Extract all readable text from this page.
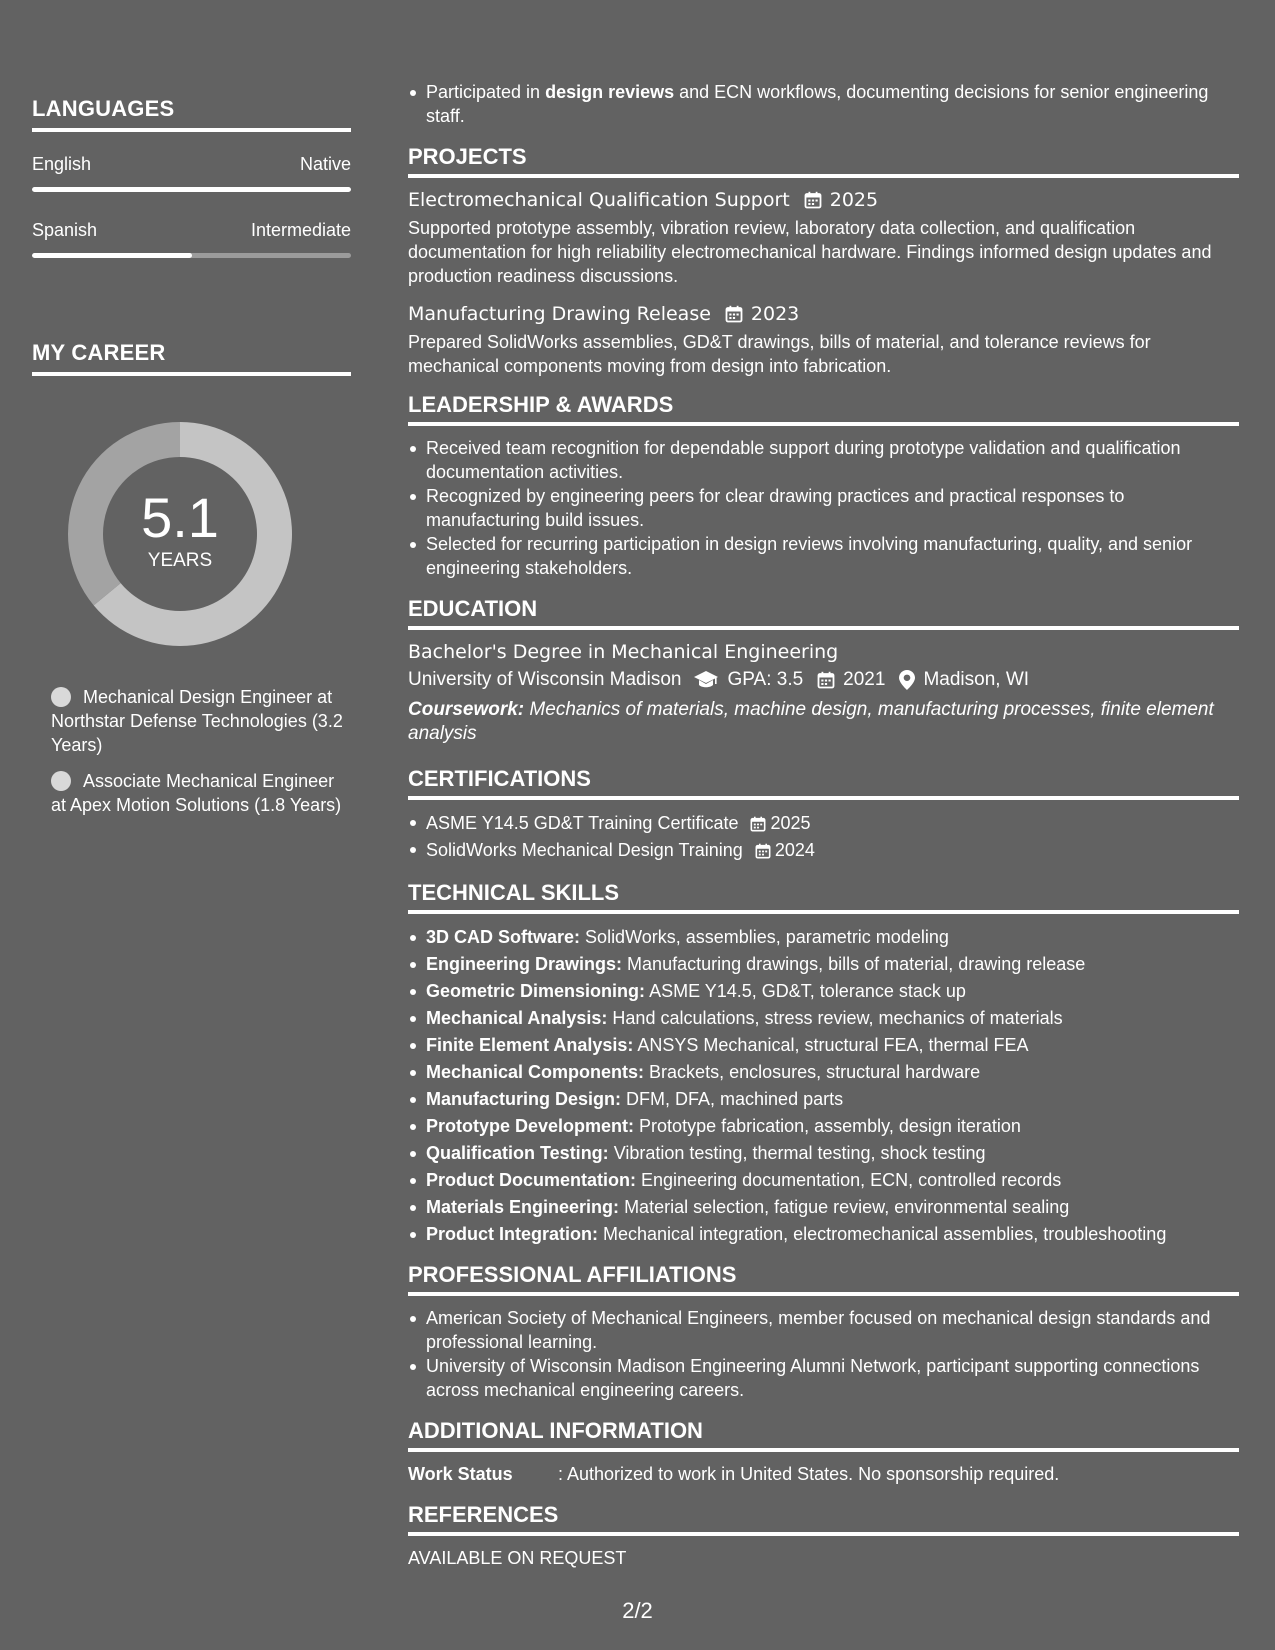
LANGUAGES
English	Native
Spanish	Intermediate
MY CAREER
5.1
YEARS
Mechanical Design Engineer at Northstar Defense Technologies (3.2 Years)
Associate Mechanical Engineer at Apex Motion Solutions (1.8 Years)
Participated in design reviews and ECN workflows, documenting decisions for senior engineering staff.
PROJECTS
Electromechanical Qualification Support 2025
Supported prototype assembly, vibration review, laboratory data collection, and qualification documentation for high reliability electromechanical hardware. Findings informed design updates and production readiness discussions.
Manufacturing Drawing Release 2023
Prepared SolidWorks assemblies, GD&T drawings, bills of material, and tolerance reviews for mechanical components moving from design into fabrication.
LEADERSHIP & AWARDS
Received team recognition for dependable support during prototype validation and qualification documentation activities.
Recognized by engineering peers for clear drawing practices and practical responses to manufacturing build issues.
Selected for recurring participation in design reviews involving manufacturing, quality, and senior engineering stakeholders.
EDUCATION
Bachelor's Degree in Mechanical Engineering
University of Wisconsin Madison GPA: 3.5 2021 Madison, WI
Coursework: Mechanics of materials, machine design, manufacturing processes, finite element analysis
CERTIFICATIONS
ASME Y14.5 GD&T Training Certificate 2025
SolidWorks Mechanical Design Training 2024
TECHNICAL SKILLS
3D CAD Software: SolidWorks, assemblies, parametric modeling
Engineering Drawings: Manufacturing drawings, bills of material, drawing release
Geometric Dimensioning: ASME Y14.5, GD&T, tolerance stack up
Mechanical Analysis: Hand calculations, stress review, mechanics of materials
Finite Element Analysis: ANSYS Mechanical, structural FEA, thermal FEA
Mechanical Components: Brackets, enclosures, structural hardware
Manufacturing Design: DFM, DFA, machined parts
Prototype Development: Prototype fabrication, assembly, design iteration
Qualification Testing: Vibration testing, thermal testing, shock testing
Product Documentation: Engineering documentation, ECN, controlled records
Materials Engineering: Material selection, fatigue review, environmental sealing
Product Integration: Mechanical integration, electromechanical assemblies, troubleshooting
PROFESSIONAL AFFILIATIONS
American Society of Mechanical Engineers, member focused on mechanical design standards and professional learning.
University of Wisconsin Madison Engineering Alumni Network, participant supporting connections across mechanical engineering careers.
ADDITIONAL INFORMATION
Work Status	: Authorized to work in United States. No sponsorship required.
REFERENCES
AVAILABLE ON REQUEST
2/2
